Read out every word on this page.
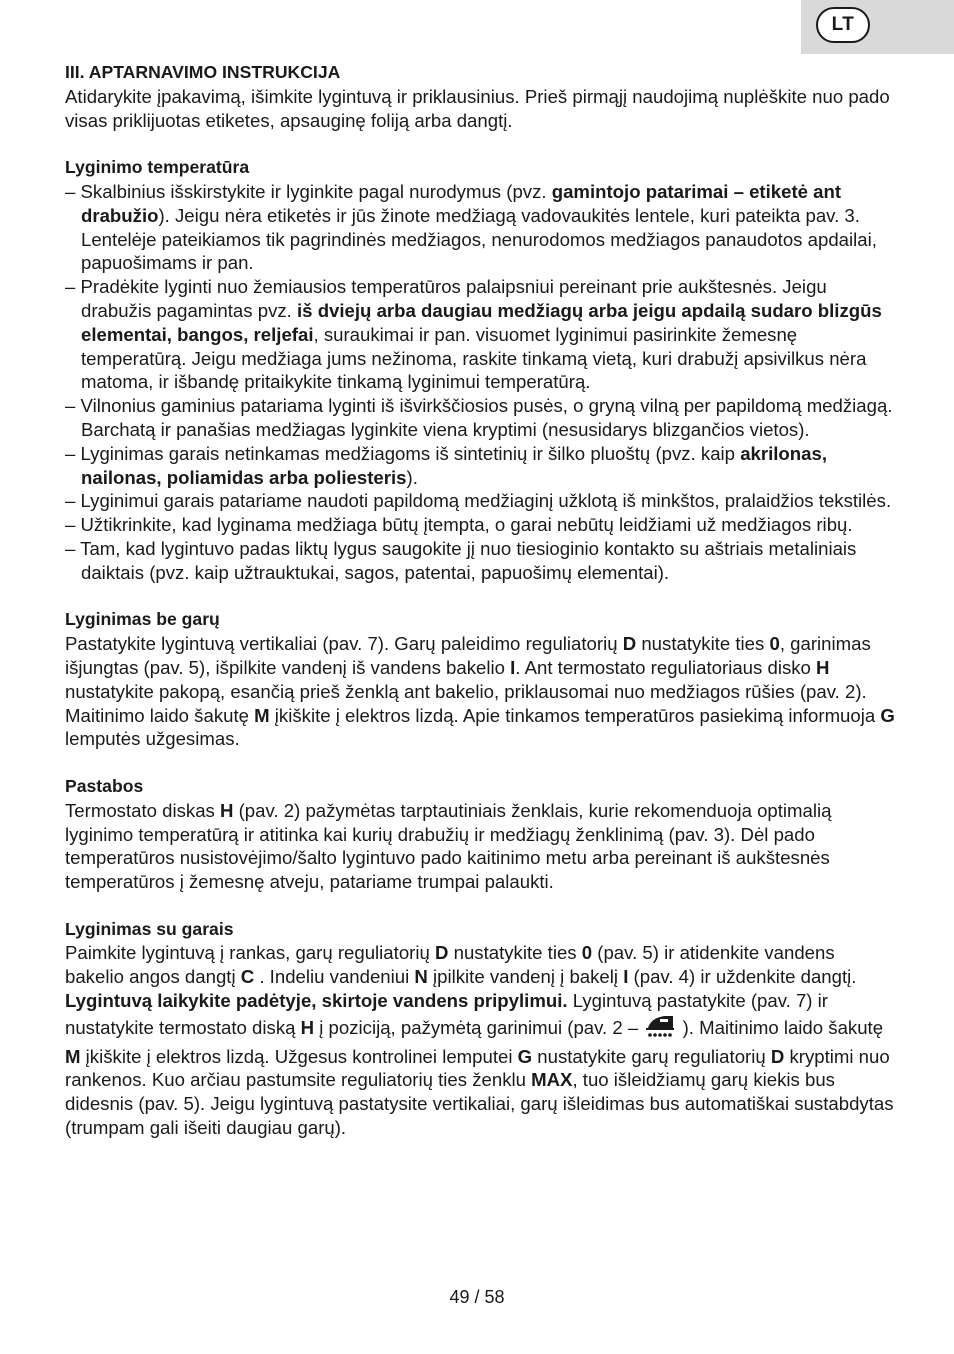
LT

III. APTARNAVIMO INSTRUKCIJA

Atidarykite įpakavimą, išimkite lygintuvą ir priklausinius. Prieš pirmąjį naudojimą nuplėškite nuo pado visas priklijuotas etiketes, apsauginę foliją arba dangtį.

Lyginimo temperatūra

– Skalbinius išskirstykite ir lyginkite pagal nurodymus (pvz. gamintojo patarimai – etiketė ant drabužio). Jeigu nėra etiketės ir jūs žinote medžiagą vadovaukitės lentele, kuri pateikta pav. 3. Lentelėje pateikiamos tik pagrindinės medžiagos, nenurodomos medžiagos panaudotos apdailai, papuošimams ir pan.

– Pradėkite lyginti nuo žemiausios temperatūros palaipsniui pereinant prie aukštesnės. Jeigu drabužis pagamintas pvz. iš dviejų arba daugiau medžiagų arba jeigu apdailą sudaro blizgūs elementai, bangos, reljefai, suraukimai ir pan. visuomet lyginimui pasirinkite žemesnę temperatūrą. Jeigu medžiaga jums nežinoma, raskite tinkamą vietą, kuri drabužį apsivilkus nėra matoma, ir išbandę pritaikykite tinkamą lyginimui temperatūrą.

– Vilnonius gaminius patariama lyginti iš išvirkščiosios pusės, o gryną vilną per papildomą medžiagą. Barchatą ir panašias medžiagas lyginkite viena kryptimi (nesusidarys blizgančios vietos).

– Lyginimas garais netinkamas medžiagoms iš sintetinių ir šilko pluoštų (pvz. kaip akrilonas, nailonas, poliamidas arba poliesteris).

– Lyginimui garais patariame naudoti papildomą medžiaginį užklotą iš minkštos, pralaidžios tekstilės.

– Užtikrinkite, kad lyginama medžiaga būtų įtempta, o garai nebūtų leidžiami už medžiagos ribų.

– Tam, kad lygintuvo padas liktų lygus saugokite jį nuo tiesioginio kontakto su aštriais metaliniais daiktais (pvz. kaip užtrauktukai, sagos, patentai, papuošimų elementai).

Lyginimas be garų

Pastatykite lygintuvą vertikaliai (pav. 7). Garų paleidimo reguliatorių D nustatykite ties 0, garinimas išjungtas (pav. 5), išpilkite vandenį iš vandens bakelio I. Ant termostato reguliatoriaus disko H nustatykite pakopą, esančią prieš ženklą ant bakelio, priklausomai nuo medžiagos rūšies (pav. 2). Maitinimo laido šakutę M įkiškite į elektros lizdą. Apie tinkamos temperatūros pasiekimą informuoja G lemputės užgesimas.

Pastabos

Termostato diskas H (pav. 2) pažymėtas tarptautiniais ženklais, kurie rekomenduoja optimalią lyginimo temperatūrą ir atitinka kai kurių drabužių ir medžiagų ženklinimą (pav. 3). Dėl pado temperatūros nusistovėjimo/šalto lygintuvo pado kaitinimo metu arba pereinant iš aukštesnės temperatūros į žemesnę atveju, patariame trumpai palaukti.

Lyginimas su garais

Paimkite lygintuvą į rankas, garų reguliatorių D nustatykite ties 0 (pav. 5) ir atidenkite vandens bakelio angos dangtį C . Indeliu vandeniui N įpilkite vandenį į bakelį I (pav. 4) ir uždenkite dangtį. Lygintuvą laikykite padėtyje, skirtoje vandens pripylimui. Lygintuvą pastatykite (pav. 7) ir nustatykite termostato diską H į poziciją, pažymėtą garinimui (pav. 2 –  ). Maitinimo laido šakutę M įkiškite į elektros lizdą. Užgesus kontrolinei lemputei G nustatykite garų reguliatorių D kryptimi nuo rankenos. Kuo arčiau pastumsite reguliatorių ties ženklu MAX, tuo išleidžiamų garų kiekis bus didesnis (pav. 5). Jeigu lygintuvą pastatysite vertikaliai, garų išleidimas bus automatiškai sustabdytas (trumpam gali išeiti daugiau garų).

49 / 58
